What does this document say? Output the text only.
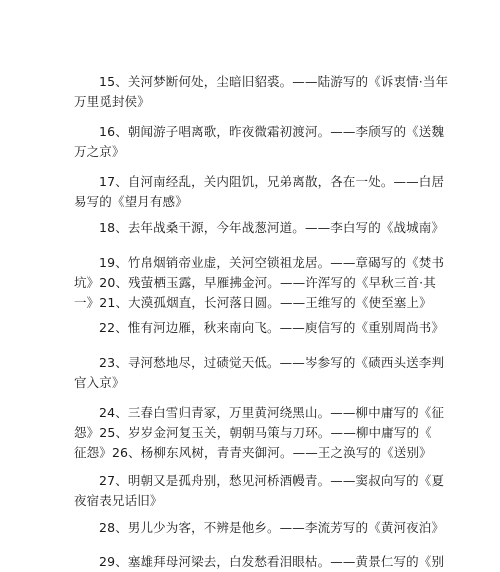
15、关河梦断何处，尘暗旧貂裘。——陆游写的《诉衷情·当年
万里觅封侯》
16、朝闻游子唱离歌，昨夜微霜初渡河。——李颀写的《送魏
万之京》
17、自河南经乱，关内阻饥，兄弟离散，各在一处。——白居
易写的《望月有感》
18、去年战桑干源，今年战葱河道。——李白写的《战城南》
19、竹帛烟销帝业虚，关河空锁祖龙居。——章碣写的《焚书
坑》20、残萤栖玉露，早雁拂金河。——许浑写的《早秋三首·其
一》21、大漠孤烟直，长河落日圆。——王维写的《使至塞上》
22、惟有河边雁，秋来南向飞。——庾信写的《重别周尚书》
23、寻河愁地尽，过碛觉天低。——岑参写的《碛西头送李判
官入京》
24、三春白雪归青冢，万里黄河绕黑山。——柳中庸写的《征
怨》25、岁岁金河复玉关，朝朝马策与刀环。——柳中庸写的《
征怨》26、杨柳东风树，青青夹御河。——王之涣写的《送别》
27、明朝又是孤舟别，愁见河桥酒幔青。——窦叔向写的《夏
夜宿表兄话旧》
28、男儿少为客，不辨是他乡。——李流芳写的《黄河夜泊》
29、塞雄拜母河梁去，白发愁看泪眼枯。——黄景仁写的《别
